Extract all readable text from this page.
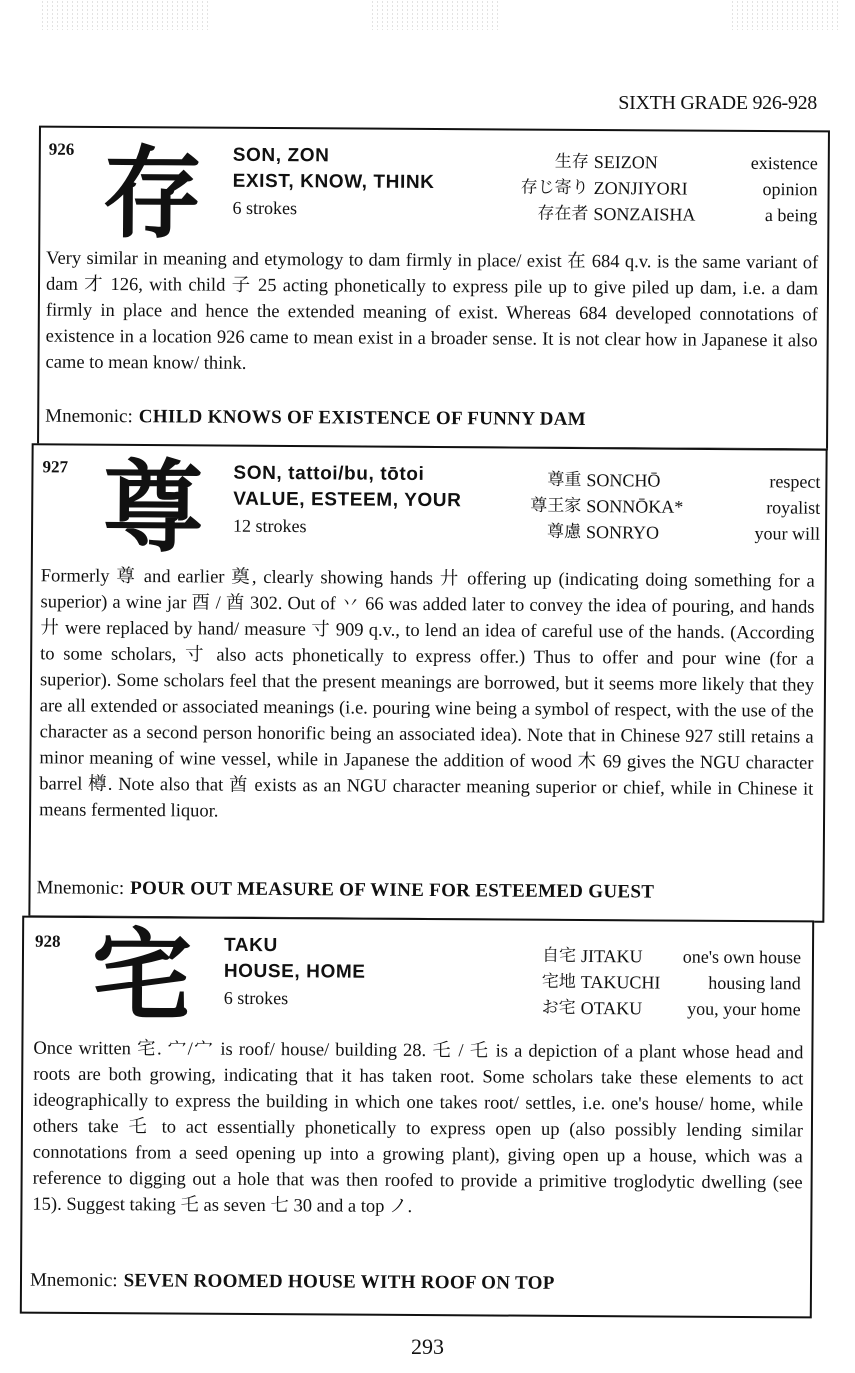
SIXTH GRADE 926-928
926 存 SON, ZON
EXIST, KNOW, THINK
6 strokes
生存 SEIZON	existence
存じ寄り ZONJIYORI	opinion
存在者 SONZAISHA	a being

Very similar in meaning and etymology to dam firmly in place/ exist 在 684 q.v. is the same variant of dam 才 126, with child 子 25 acting phonetically to express pile up to give piled up dam, i.e. a dam firmly in place and hence the extended meaning of exist. Whereas 684 developed connotations of existence in a location 926 came to mean exist in a broader sense. It is not clear how in Japanese it also came to mean know/ think.

Mnemonic: CHILD KNOWS OF EXISTENCE OF FUNNY DAM
927 尊 SON, tattoi/bu, tōtoi
VALUE, ESTEEM, YOUR
12 strokes
尊重 SONCHŌ	respect
尊王家 SONNŌKA*	royalist
尊慮 SONRYO	your will

Formerly 尊 and earlier 奠, clearly showing hands 廾 offering up (indicating doing something for a superior) a wine jar 酉 / 酋 302. Out of 丷 66 was added later to convey the idea of pouring, and hands 廾 were replaced by hand/ measure 寸 909 q.v., to lend an idea of careful use of the hands. (According to some scholars, 寸 also acts phonetically to express offer.) Thus to offer and pour wine (for a superior). Some scholars feel that the present meanings are borrowed, but it seems more likely that they are all extended or associated meanings (i.e. pouring wine being a symbol of respect, with the use of the character as a second person honorific being an associated idea). Note that in Chinese 927 still retains a minor meaning of wine vessel, while in Japanese the addition of wood 木 69 gives the NGU character barrel 樽. Note also that 酋 exists as an NGU character meaning superior or chief, while in Chinese it means fermented liquor.

Mnemonic: POUR OUT MEASURE OF WINE FOR ESTEEMED GUEST
928 宅 TAKU
HOUSE, HOME
6 strokes
自宅 JITAKU	one's own house
宅地 TAKUCHI	housing land
お宅 OTAKU	you, your home

Once written 宅. 宀/宀 is roof/ house/ building 28. 乇 / 乇 is a depiction of a plant whose head and roots are both growing, indicating that it has taken root. Some scholars take these elements to act ideographically to express the building in which one takes root/ settles, i.e. one's house/ home, while others take 乇 to act essentially phonetically to express open up (also possibly lending similar connotations from a seed opening up into a growing plant), giving open up a house, which was a reference to digging out a hole that was then roofed to provide a primitive troglodytic dwelling (see 15). Suggest taking 乇 as seven 七 30 and a top ノ.

Mnemonic: SEVEN ROOMED HOUSE WITH ROOF ON TOP
293
